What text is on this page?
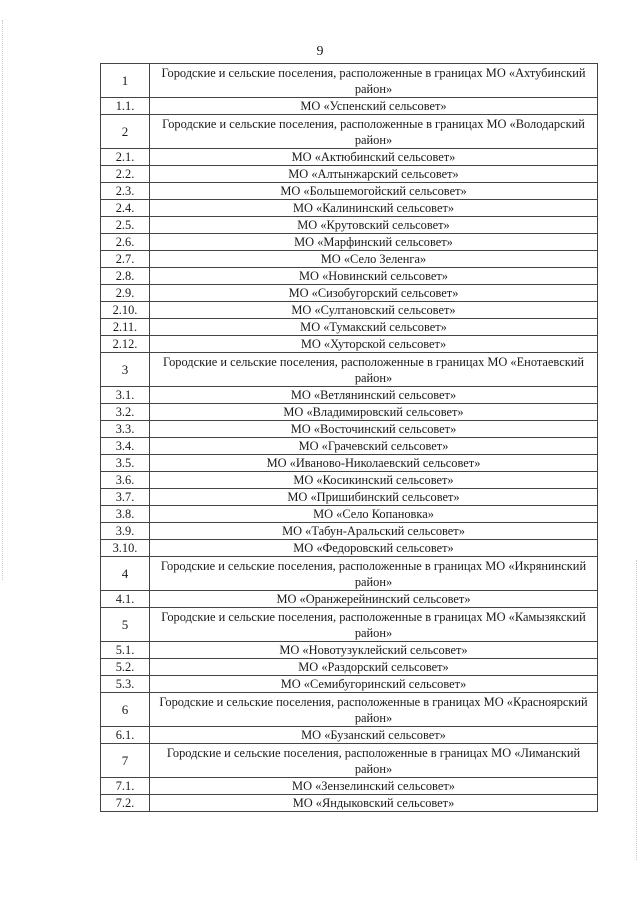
9
1	Городские и сельские поселения, расположенные в границах МО «Ахтубинский район»
1.1.	МО «Успенский сельсовет»
2	Городские и сельские поселения, расположенные в границах МО «Володарский район»
2.1.	МО «Актюбинский сельсовет»
2.2.	МО «Алтынжарский сельсовет»
2.3.	МО «Большемогойский сельсовет»
2.4.	МО «Калининский сельсовет»
2.5.	МО «Крутовский сельсовет»
2.6.	МО «Марфинский сельсовет»
2.7.	МО «Село Зеленга»
2.8.	МО «Новинский сельсовет»
2.9.	МО «Сизобугорский сельсовет»
2.10.	МО «Султановский сельсовет»
2.11.	МО «Тумакский сельсовет»
2.12.	МО «Хуторской сельсовет»
3	Городские и сельские поселения, расположенные в границах МО «Енотаевский район»
3.1.	МО «Ветлянинский сельсовет»
3.2.	МО «Владимировский сельсовет»
3.3.	МО «Восточинский сельсовет»
3.4.	МО «Грачевский сельсовет»
3.5.	МО «Ивановo-Николаевский сельсовет»
3.6.	МО «Косикинский сельсовет»
3.7.	МО «Пришибинский сельсовет»
3.8.	МО «Село Копановка»
3.9.	МО «Табун-Аральский сельсовет»
3.10.	МО «Федоровский сельсовет»
4	Городские и сельские поселения, расположенные в границах МО «Икрянинский район»
4.1.	МО «Оранжерейнинский сельсовет»
5	Городские и сельские поселения, расположенные в границах МО «Камызякский район»
5.1.	МО «Новотузуклейский сельсовет»
5.2.	МО «Раздорский сельсовет»
5.3.	МО «Семибугоринский сельсовет»
6	Городские и сельские поселения, расположенные в границах МО «Красноярский район»
6.1.	МО «Бузанский сельсовет»
7	Городские и сельские поселения, расположенные в границах МО «Лиманский район»
7.1.	МО «Зензелинский сельсовет»
7.2.	МО «Яндыковский сельсовет»
